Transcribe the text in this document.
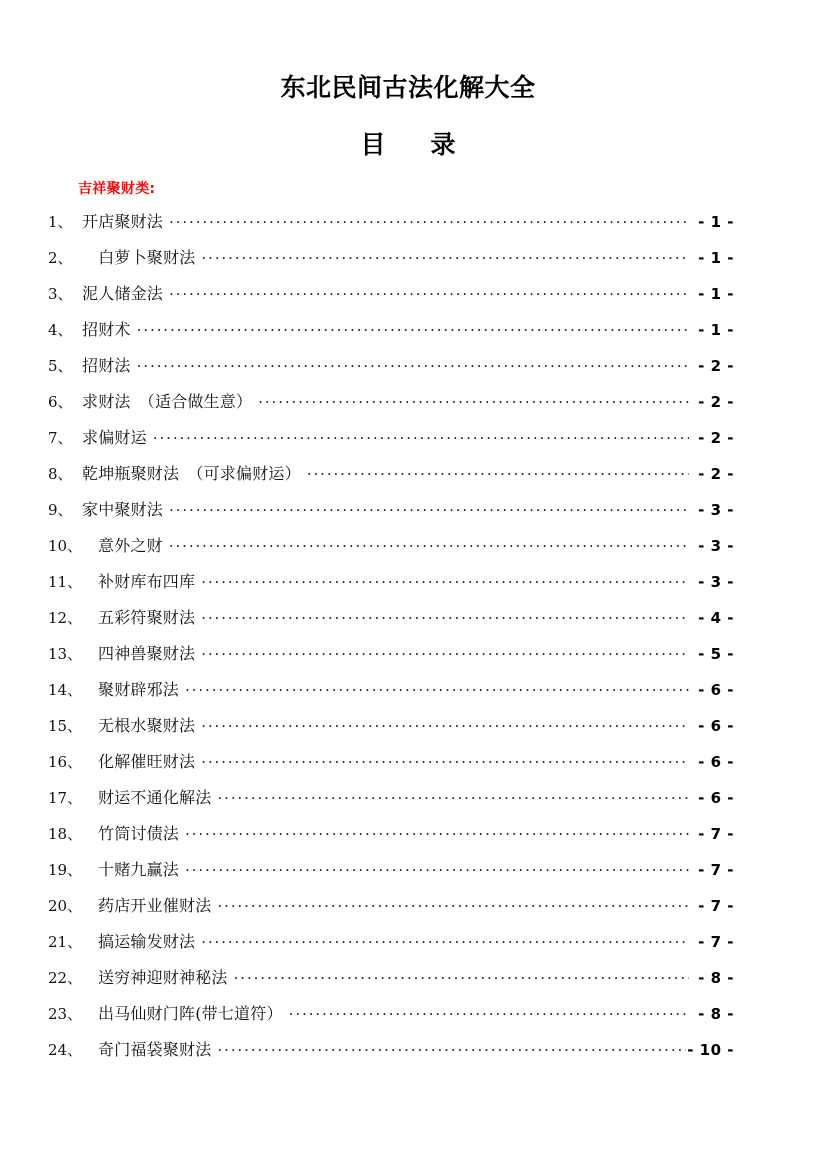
东北民间古法化解大全
目　录
吉祥聚财类:
1、 开店聚财法 .....	- 1 -
2、 　白萝卜聚财法 .....	- 1 -
3、 泥人储金法 .....	- 1 -
4、 招财术 .....	- 1 -
5、 招财法 .....	- 2 -
6、 求财法　（适合做生意） .....	- 2 -
7、 求偏财运 .....	- 2 -
8、 乾坤瓶聚财法　（可求偏财运） .....	- 2 -
9、 家中聚财法 .....	- 3 -
10、 意外之财 .....	- 3 -
11、 补财库布四库 .....	- 3 -
12、 五彩符聚财法 .....	- 4 -
13、 四神兽聚财法 .....	- 5 -
14、 聚财辟邪法 .....	- 6 -
15、 无根水聚财法 .....	- 6 -
16、 化解催旺财法 .....	- 6 -
17、 财运不通化解法 .....	- 6 -
18、 竹筒讨债法 .....	- 7 -
19、 十赌九赢法 .....	- 7 -
20、 药店开业催财法 .....	- 7 -
21、 搞运输发财法 .....	- 7 -
22、 送穷神迎财神秘法 .....	- 8 -
23、 出马仙财门阵(带七道符） .....	- 8 -
24、 奇门福袋聚财法 .....	- 10 -
